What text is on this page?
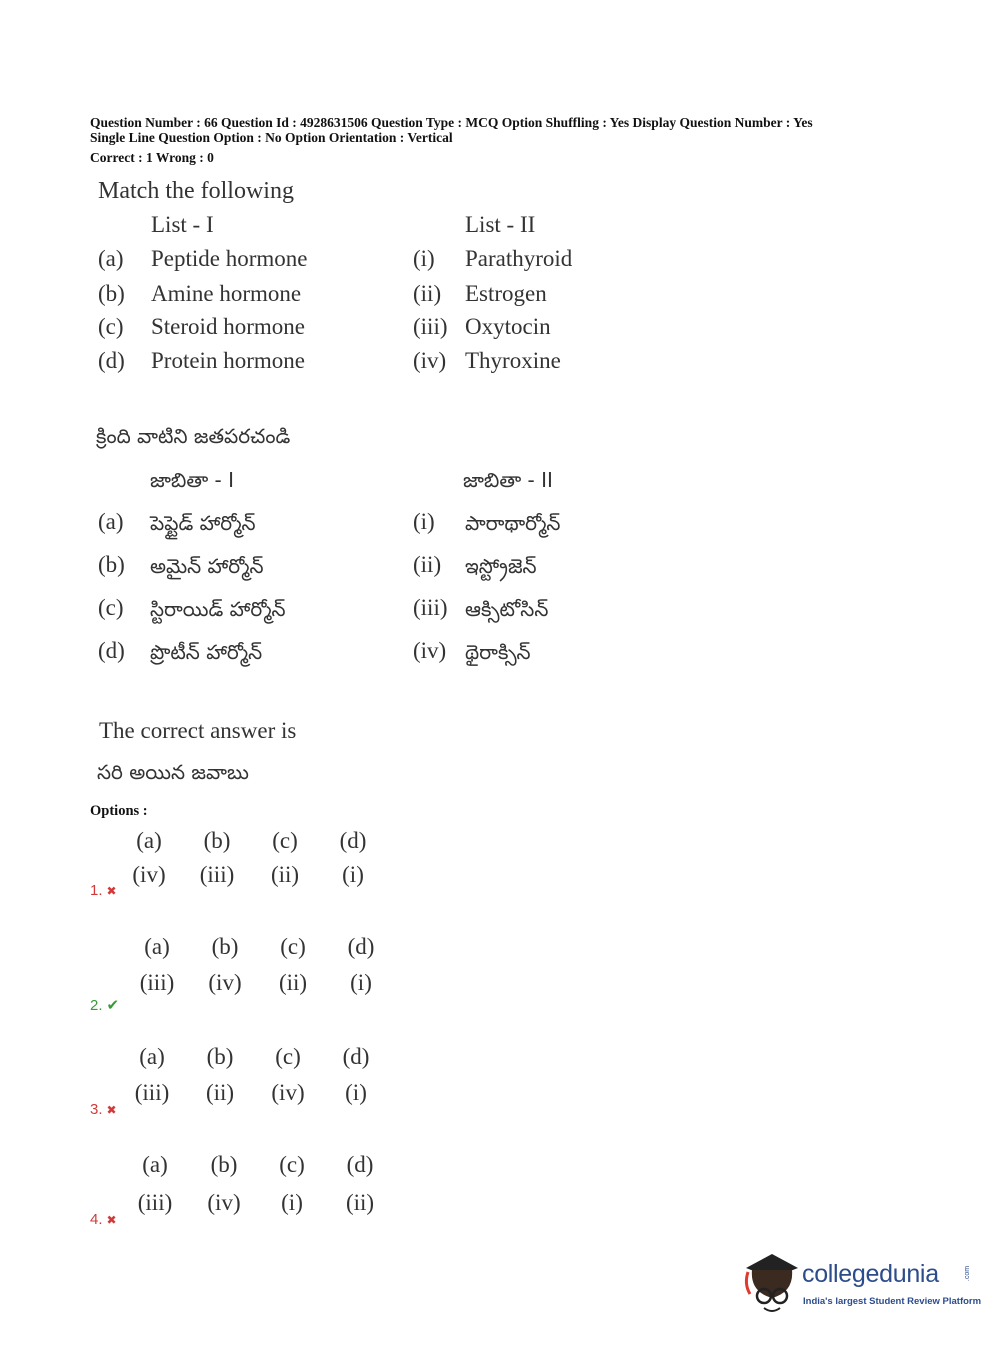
Question Number : 66 Question Id : 4928631506 Question Type : MCQ Option Shuffling : Yes Display Question Number : Yes
Single Line Question Option : No Option Orientation : Vertical
Correct : 1 Wrong : 0
Match the following
List - I	List - II
(a) Peptide hormone	(i) Parathyroid
(b) Amine hormone	(ii) Estrogen
(c) Steroid hormone	(iii) Oxytocin
(d) Protein hormone	(iv) Thyroxine
క్రింది వాటిని జతపరచండి
జాబితా - I	జాబితా - II
(a) పెప్టైడ్ హార్మోన్	(i) పారాథార్మోన్
(b) అమైన్ హార్మోన్	(ii) ఇస్ట్రోజెన్
(c) స్టిరాయిడ్ హార్మోన్	(iii) ఆక్సిటోసిన్
(d) ప్రొటీన్ హార్మోన్	(iv) థైరాక్సిన్
The correct answer is
సరి అయిన జవాబు
Options :
(a)	(b)	(c)	(d)
(iv)	(iii)	(ii)	(i)
1. ✖
(a)	(b)	(c)	(d)
(iii)	(iv)	(ii)	(i)
2. ✔
(a)	(b)	(c)	(d)
(iii)	(ii)	(iv)	(i)
3. ✖
(a)	(b)	(c)	(d)
(iii)	(iv)	(i)	(ii)
4. ✖
collegedunia	.com
India's largest Student Review Platform
